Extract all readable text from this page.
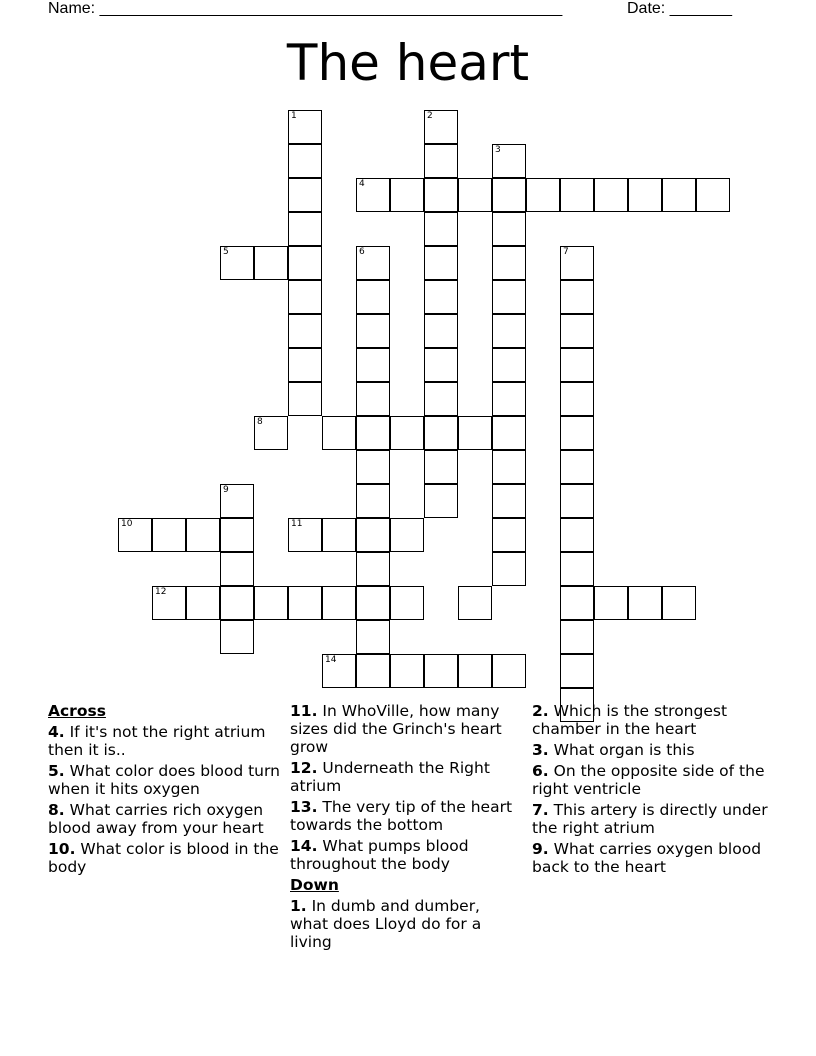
Name: ____________________________________________________	Date: _______
The heart
1	2
3
4
5	6	7
8
9
10	11
12
14
Across
4. If it's not the right atrium then it is..
5. What color does blood turn when it hits oxygen
8. What carries rich oxygen blood away from your heart
10. What color is blood in the body
11. In WhoVille, how many sizes did the Grinch's heart grow
12. Underneath the Right atrium
13. The very tip of the heart towards the bottom
14. What pumps blood throughout the body
Down
1. In dumb and dumber, what does Lloyd do for a living
2. Which is the strongest chamber in the heart
3. What organ is this
6. On the opposite side of the right ventricle
7. This artery is directly under the right atrium
9. What carries oxygen blood back to the heart
